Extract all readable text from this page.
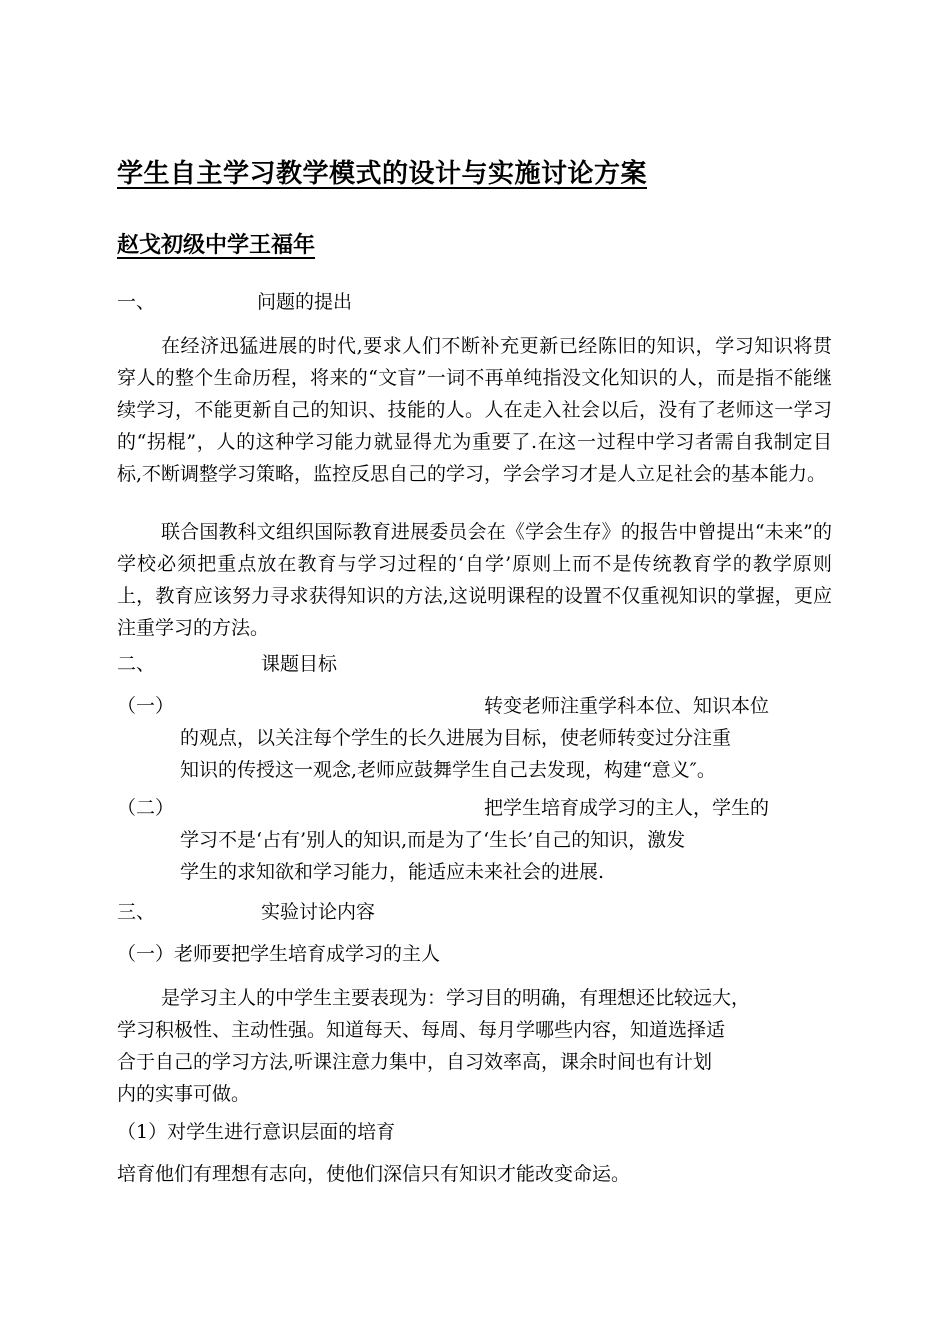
学生自主学习教学模式的设计与实施讨论方案
赵戈初级中学王福年
一、	问题的提出

在经济迅猛进展的时代,要求人们不断补充更新已经陈旧的知识，学习知识将贯穿人的整个生命历程，将来的“文盲”一词不再单纯指没文化知识的人，而是指不能继续学习，不能更新自己的知识、技能的人。人在走入社会以后，没有了老师这一学习的“拐棍”，人的这种学习能力就显得尤为重要了.在这一过程中学习者需自我制定目标,不断调整学习策略，监控反思自己的学习，学会学习才是人立足社会的基本能力。

联合国教科文组织国际教育进展委员会在《学会生存》的报告中曾提出“未来”的学校必须把重点放在教育与学习过程的‘自学’原则上而不是传统教育学的教学原则上，教育应该努力寻求获得知识的方法,这说明课程的设置不仅重视知识的掌握，更应注重学习的方法。

二、	课题目标
（一）	转变老师注重学科本位、知识本位
的观点，以关注每个学生的长久进展为目标，使老师转变过分注重
知识的传授这一观念,老师应鼓舞学生自己去发现，构建“意义″。
（二）	把学生培育成学习的主人，学生的
学习不是‘占有’别人的知识,而是为了‘生长’自己的知识，激发
学生的求知欲和学习能力，能适应未来社会的进展.
三、	实验讨论内容
（一）老师要把学生培育成学习的主人
是学习主人的中学生主要表现为：学习目的明确，有理想还比较远大，
学习积极性、主动性强。知道每天、每周、每月学哪些内容，知道选择适
合于自己的学习方法,听课注意力集中，自习效率高，课余时间也有计划
内的实事可做。
（1）对学生进行意识层面的培育
培育他们有理想有志向，使他们深信只有知识才能改变命运。
